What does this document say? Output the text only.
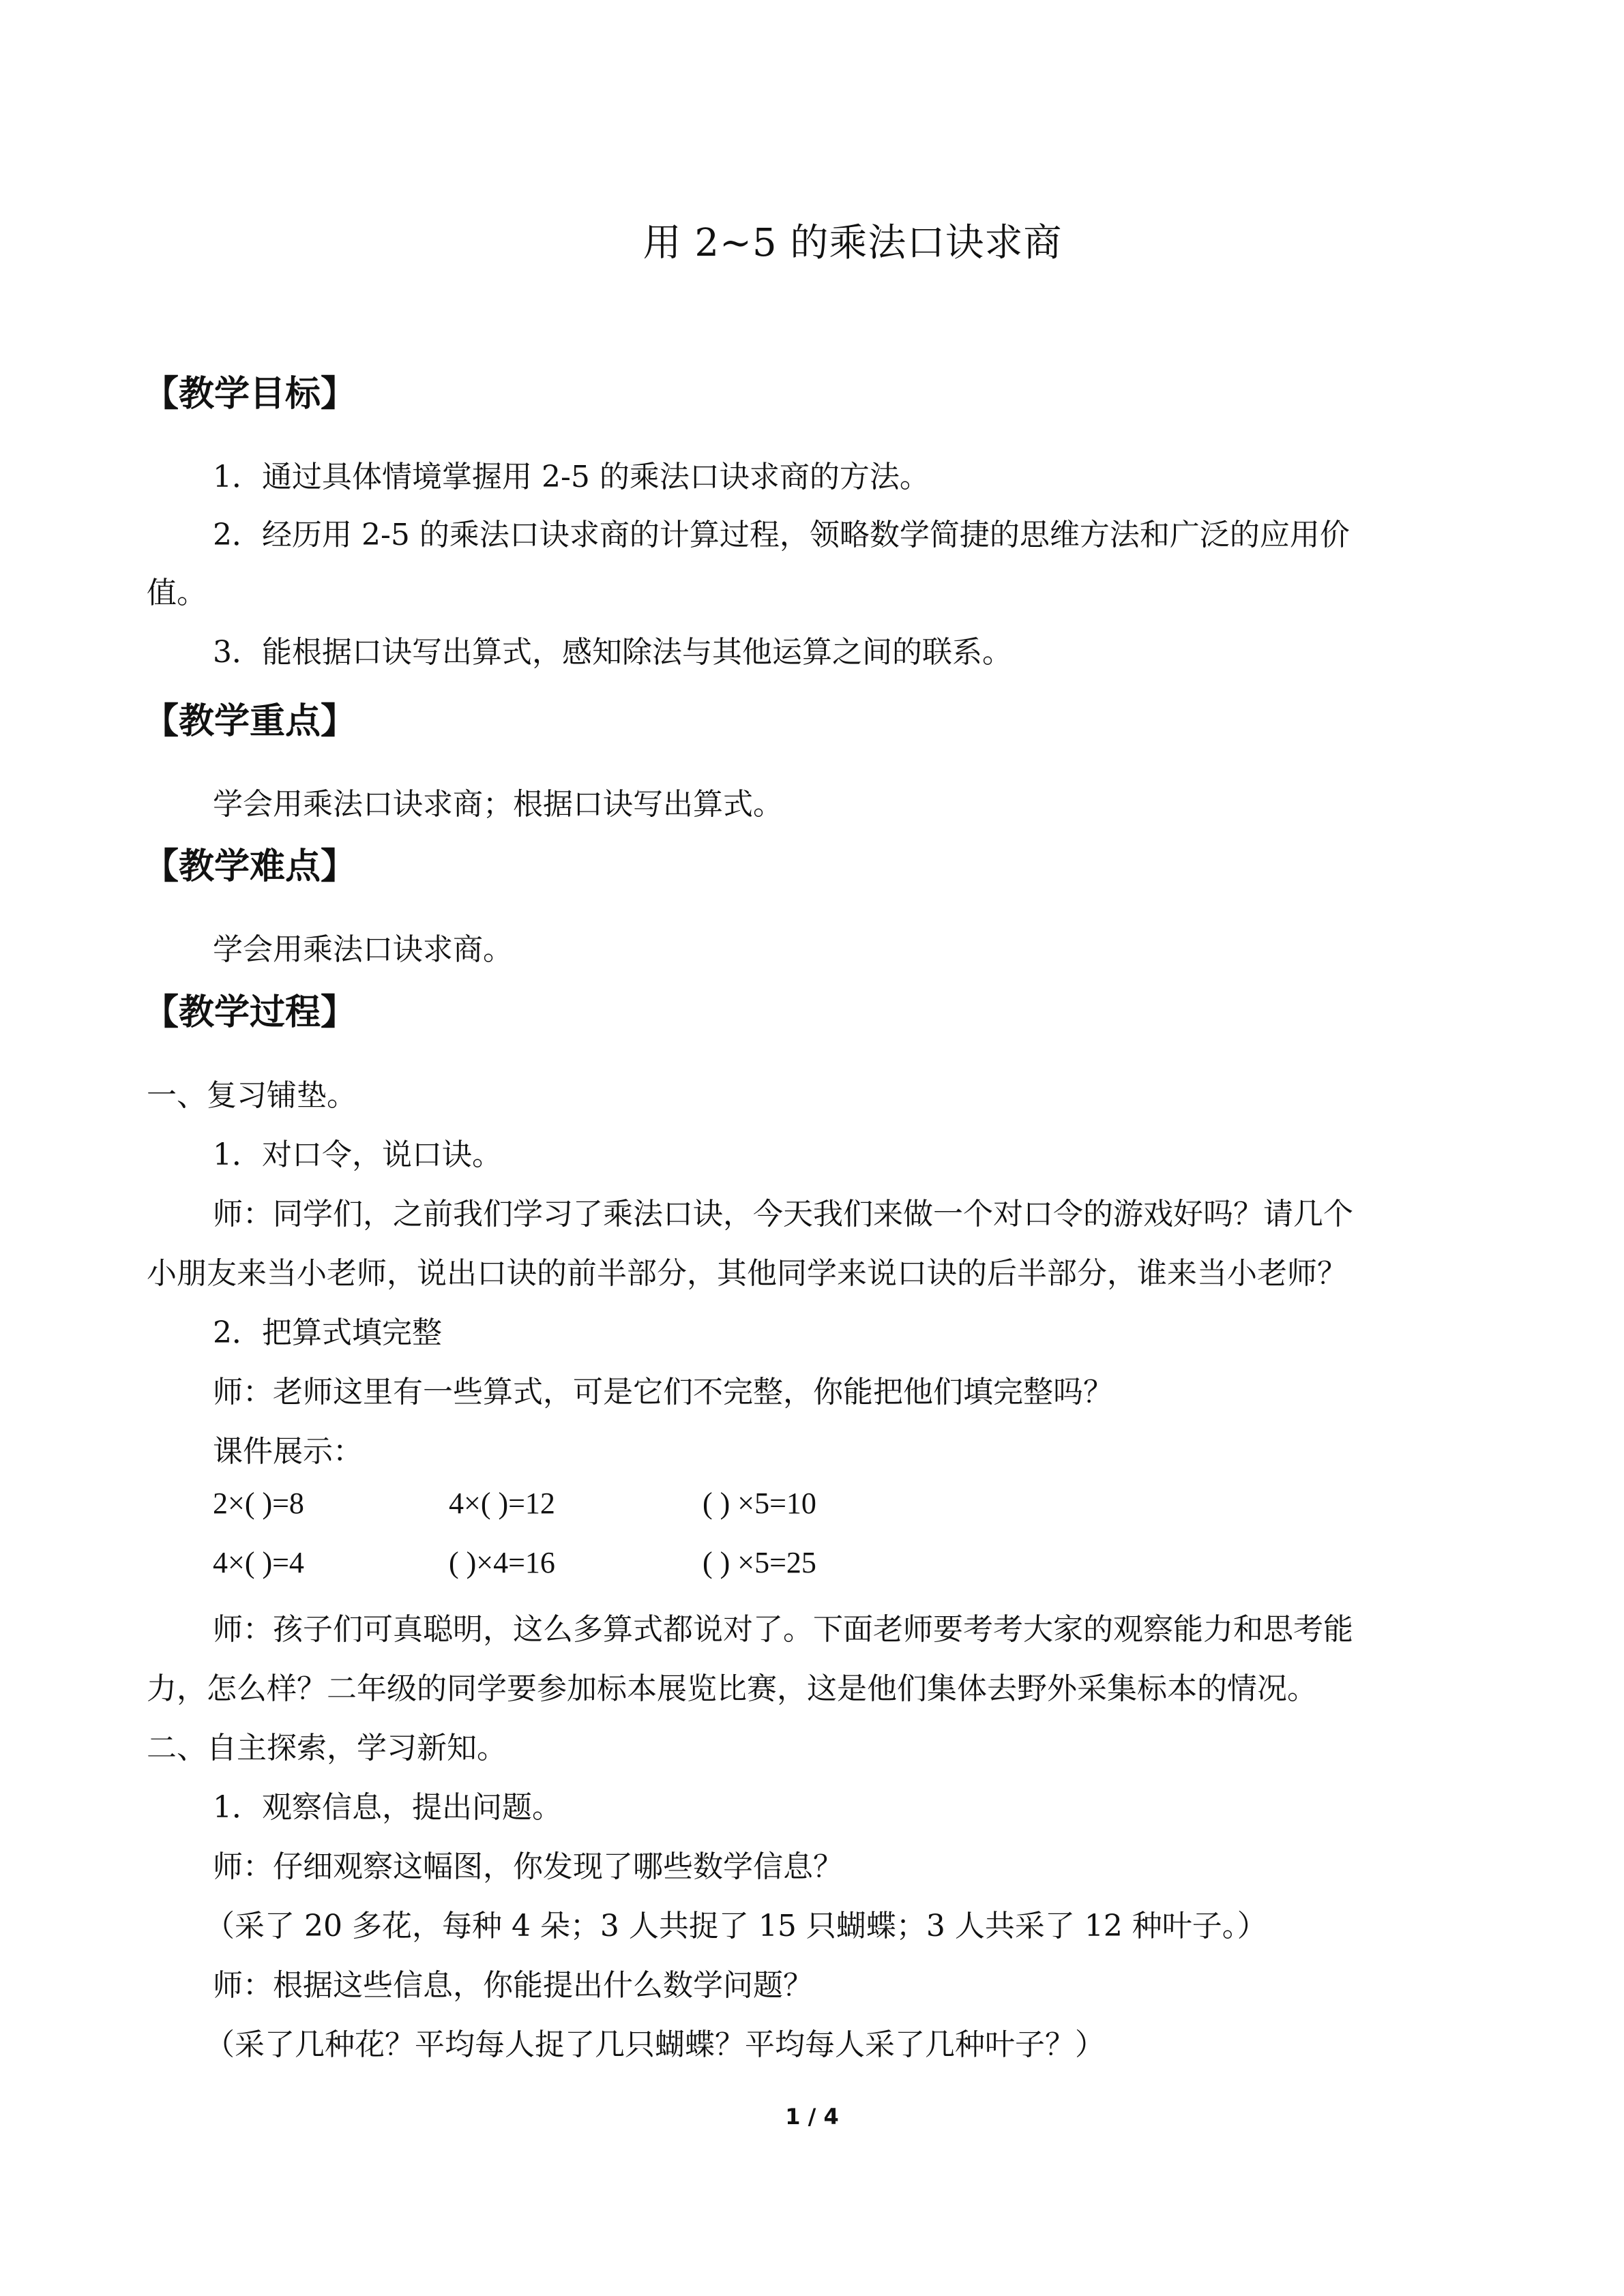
用 2~5 的乘法口诀求商
【教学目标】
1．通过具体情境掌握用 2-5 的乘法口诀求商的方法。
2．经历用 2-5 的乘法口诀求商的计算过程，领略数学简捷的思维方法和广泛的应用价
值。
3．能根据口诀写出算式，感知除法与其他运算之间的联系。
【教学重点】
学会用乘法口诀求商；根据口诀写出算式。
【教学难点】
学会用乘法口诀求商。
【教学过程】
一、复习铺垫。
1．对口令，说口诀。
师：同学们，之前我们学习了乘法口诀，今天我们来做一个对口令的游戏好吗？请几个
小朋友来当小老师，说出口诀的前半部分，其他同学来说口诀的后半部分，谁来当小老师？
2．把算式填完整
师：老师这里有一些算式，可是它们不完整，你能把他们填完整吗？
课件展示：
2×( )=8	4×( )=12	( ) ×5=10
4×( )=4	( )×4=16	( ) ×5=25
师：孩子们可真聪明，这么多算式都说对了。下面老师要考考大家的观察能力和思考能
力，怎么样？二年级的同学要参加标本展览比赛，这是他们集体去野外采集标本的情况。
二、自主探索，学习新知。
1．观察信息，提出问题。
师：仔细观察这幅图，你发现了哪些数学信息？
（采了 20 多花，每种 4 朵；3 人共捉了 15 只蝴蝶；3 人共采了 12 种叶子。）
师：根据这些信息，你能提出什么数学问题？
（采了几种花？平均每人捉了几只蝴蝶？平均每人采了几种叶子？）
1 / 4
